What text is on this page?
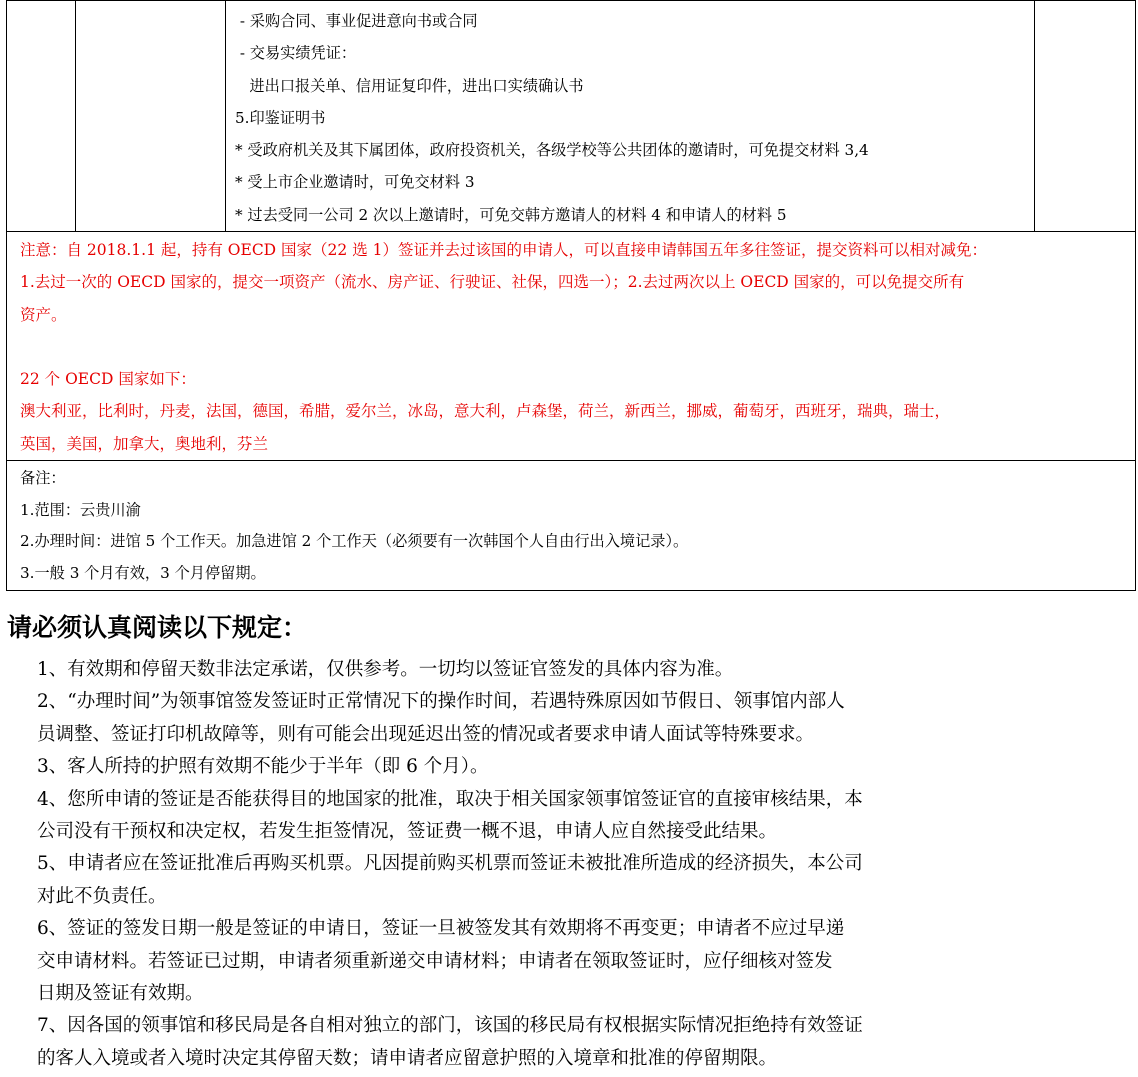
- 采购合同、事业促进意向书或合同
- 交易实绩凭证：
进出口报关单、信用证复印件，进出口实绩确认书
5.印鉴证明书
* 受政府机关及其下属团体，政府投资机关，各级学校等公共团体的邀请时，可免提交材料 3,4
* 受上市企业邀请时，可免交材料 3
* 过去受同一公司 2 次以上邀请时，可免交韩方邀请人的材料 4 和申请人的材料 5
注意：自 2018.1.1 起，持有 OECD 国家（22 选 1）签证并去过该国的申请人，可以直接申请韩国五年多往签证，提交资料可以相对减免：
1.去过一次的 OECD 国家的，提交一项资产（流水、房产证、行驶证、社保，四选一）；2.去过两次以上 OECD 国家的，可以免提交所有
资产。
22 个 OECD 国家如下：
澳大利亚，比利时，丹麦，法国，德国，希腊，爱尔兰，冰岛，意大利，卢森堡，荷兰，新西兰，挪威，葡萄牙，西班牙，瑞典，瑞士，
英国，美国，加拿大，奥地利，芬兰
备注：
1.范围：云贵川渝
2.办理时间：进馆 5 个工作天。加急进馆 2 个工作天（必须要有一次韩国个人自由行出入境记录）。
3.一般 3 个月有效，3 个月停留期。
请必须认真阅读以下规定：
1、有效期和停留天数非法定承诺，仅供参考。一切均以签证官签发的具体内容为准。
2、“办理时间”为领事馆签发签证时正常情况下的操作时间，若遇特殊原因如节假日、领事馆内部人
员调整、签证打印机故障等，则有可能会出现延迟出签的情况或者要求申请人面试等特殊要求。
3、客人所持的护照有效期不能少于半年（即 6 个月）。
4、您所申请的签证是否能获得目的地国家的批准，取决于相关国家领事馆签证官的直接审核结果，本
公司没有干预权和决定权，若发生拒签情况，签证费一概不退，申请人应自然接受此结果。
5、申请者应在签证批准后再购买机票。凡因提前购买机票而签证未被批准所造成的经济损失，本公司
对此不负责任。
6、签证的签发日期一般是签证的申请日，签证一旦被签发其有效期将不再变更；申请者不应过早递
交申请材料。若签证已过期，申请者须重新递交申请材料；申请者在领取签证时，应仔细核对签发
日期及签证有效期。
7、因各国的领事馆和移民局是各自相对独立的部门，该国的移民局有权根据实际情况拒绝持有效签证
的客人入境或者入境时决定其停留天数；请申请者应留意护照的入境章和批准的停留期限。
